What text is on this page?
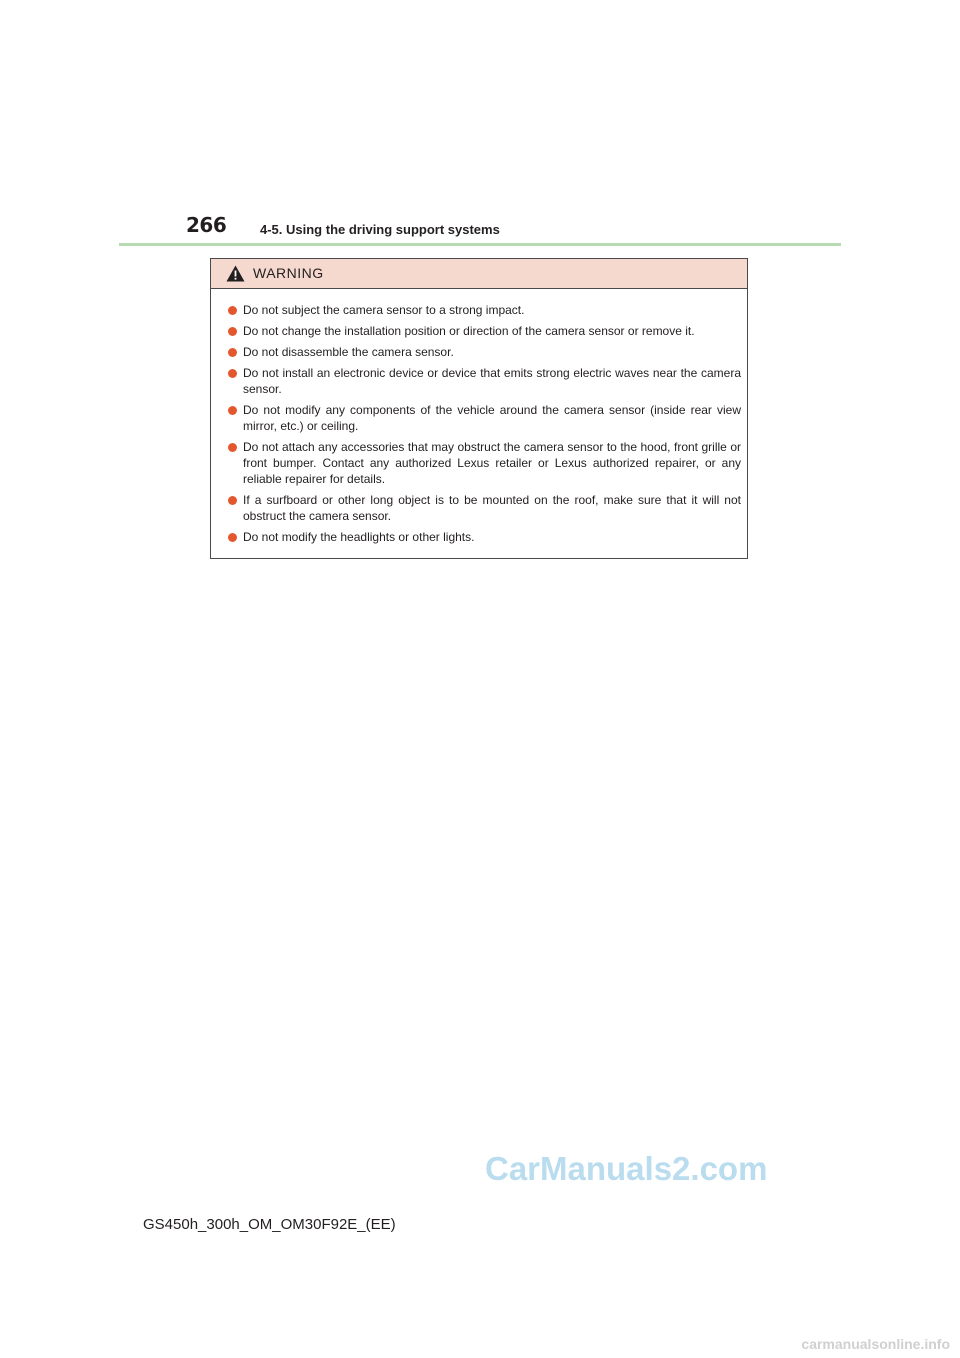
266	4-5. Using the driving support systems
WARNING
Do not subject the camera sensor to a strong impact.
Do not change the installation position or direction of the camera sensor or remove it.
Do not disassemble the camera sensor.
Do not install an electronic device or device that emits strong electric waves near the camera sensor.
Do not modify any components of the vehicle around the camera sensor (inside rear view mirror, etc.) or ceiling.
Do not attach any accessories that may obstruct the camera sensor to the hood, front grille or front bumper. Contact any authorized Lexus retailer or Lexus authorized repairer, or any reliable repairer for details.
If a surfboard or other long object is to be mounted on the roof, make sure that it will not obstruct the camera sensor.
Do not modify the headlights or other lights.
GS450h_300h_OM_OM30F92E_(EE)
CarManuals2.com
carmanualsonline.info
